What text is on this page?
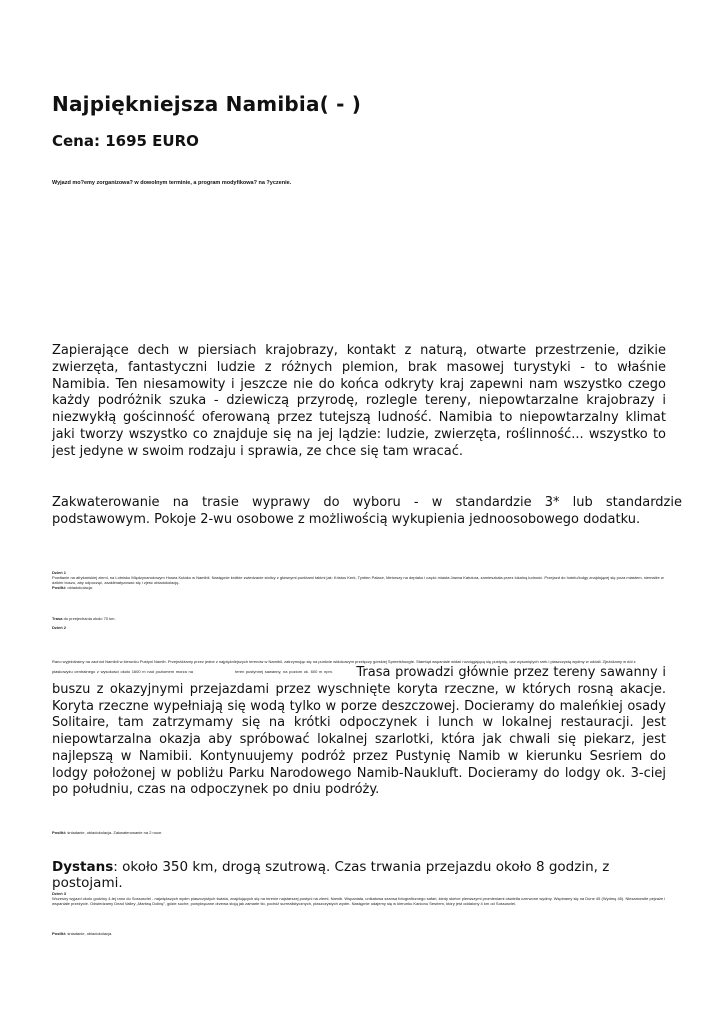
Najpiękniejsza Namibia( - )
Cena: 1695 EURO

Wyjazd mo?emy zorganizowa? w dowolnym terminie, a program modyfikowa? na ?yczenie.

Zapierające dech w piersiach krajobrazy, kontakt z naturą, otwarte przestrzenie, dzikie zwierzęta, fantastyczni ludzie z różnych plemion, brak masowej turystyki - to właśnie Namibia. Ten niesamowity i jeszcze nie do końca odkryty kraj zapewni nam wszystko czego każdy podróżnik szuka - dziewiczą przyrodę, rozlegle tereny, niepowtarzalne krajobrazy i niezwykłą gościnność oferowaną przez tutejszą ludność. Namibia to niepowtarzalny klimat jaki tworzy wszystko co znajduje się na jej lądzie: ludzie, zwierzęta, roślinność... wszystko to jest jedyne w swoim rodzaju i sprawia, ze chce się tam wracać.

Zakwaterowanie na trasie wyprawy do wyboru - w standardzie 3* lub standardzie podstawowym. Pokoje 2-wu osobowe z możliwością wykupienia jednoosobowego dodatku.

Dzień 1

Powitanie na afrykańskiej ziemi, na Lotnisku Międzynarodowym Hosea Kutako w Namibii. Następnie krótkie zwiedzanie stolicy z głównymi punktami takimi jak: Kristus Kerk, Tyntien Palace, Metorszy na deptaku i część miasta Jawna Katutura, zamieszkała przez lokalną ludność. Przejazd do hotelu/lodgy znajdującej się poza miastem, niemalże w dzikim buszu, aby odpocząć, zaaklimatyzować się i zjeść obiadokolację.

Posiłki: obiadokolacja.

Trasa do przejechania około 70 km.

Dzień 2

Rano wyjeżdżamy na zachód Namibii w kierunku Pustyni Namib. Przejeżdżamy przez jedne z najpiękniejszych terenów w Namibii, zatrzymując się na punkcie widokowym przełęczy górskiej Spreetshoogte. Stamtąd wspaniale widać rozciągającą się pustynię, oaz wysuniętych rzek i piaszczystą wydmy w oddali. Zjeżdżamy w dół z

płaskowyżu centralnego z wysokości około 1600 m nad poziomem morza na	teren pustynnej sawanny, na poziom ok. 600 m npm. Trasa prowadzi głównie przez tereny sawanny i buszu z okazyjnymi przejazdami przez wyschnięte koryta rzeczne, w których rosną akacje. Koryta rzeczne wypełniają się wodą tylko w porze deszczowej. Docieramy do maleńkiej osady Solitaire, tam zatrzymamy się na krótki odpoczynek i lunch w lokalnej restauracji. Jest niepowtarzalna okazja aby spróbować lokalnej szarlotki, która jak chwali się piekarz, jest najlepszą w Namibii. Kontynuujemy podróż przez Pustynię Namib w kierunku Sesriem do lodgy położonej w pobliżu Parku Narodowego Namib-Naukluft. Docieramy do lodgy ok. 3-ciej po południu, czas na odpoczynek po dniu podróży.

Posiłki: śniadanie, obiadokolacja. Zakwaterowanie na 2 noce.

Dystans: około 350 km, drogą szutrową. Czas trwania przejazdu około 8 godzin, z postojami.

Dzień 3

Wczesny wyjazd około godziny 4-tej rano do Sossusvlei - największych wydm piaszczystych świata, znajdujących się na terenie najstarszej pustyni na ziemi, Namib. Wspaniała, unikatowa szansa fotograficznego safari, kiedy słońce pierwszymi promieniami oświetla czerwone wydmy. Wspinamy się na Dune 45 (Wydmę 45). Niesamowite pejzaże i wspaniałe przeżycie. Odwiedzamy Dead Valley „Martwą Dolinę”, gdzie suche, powykręcane drzewa stoją jak zamarłe tło, podróż surrealistycznych, piaszczystych wydm. Następnie udajemy się w kierunku Kanionu Sesriem, który jest oddalony 4 km od Sossusvlei.

Posiłki: śniadanie, obiadokolacja.
